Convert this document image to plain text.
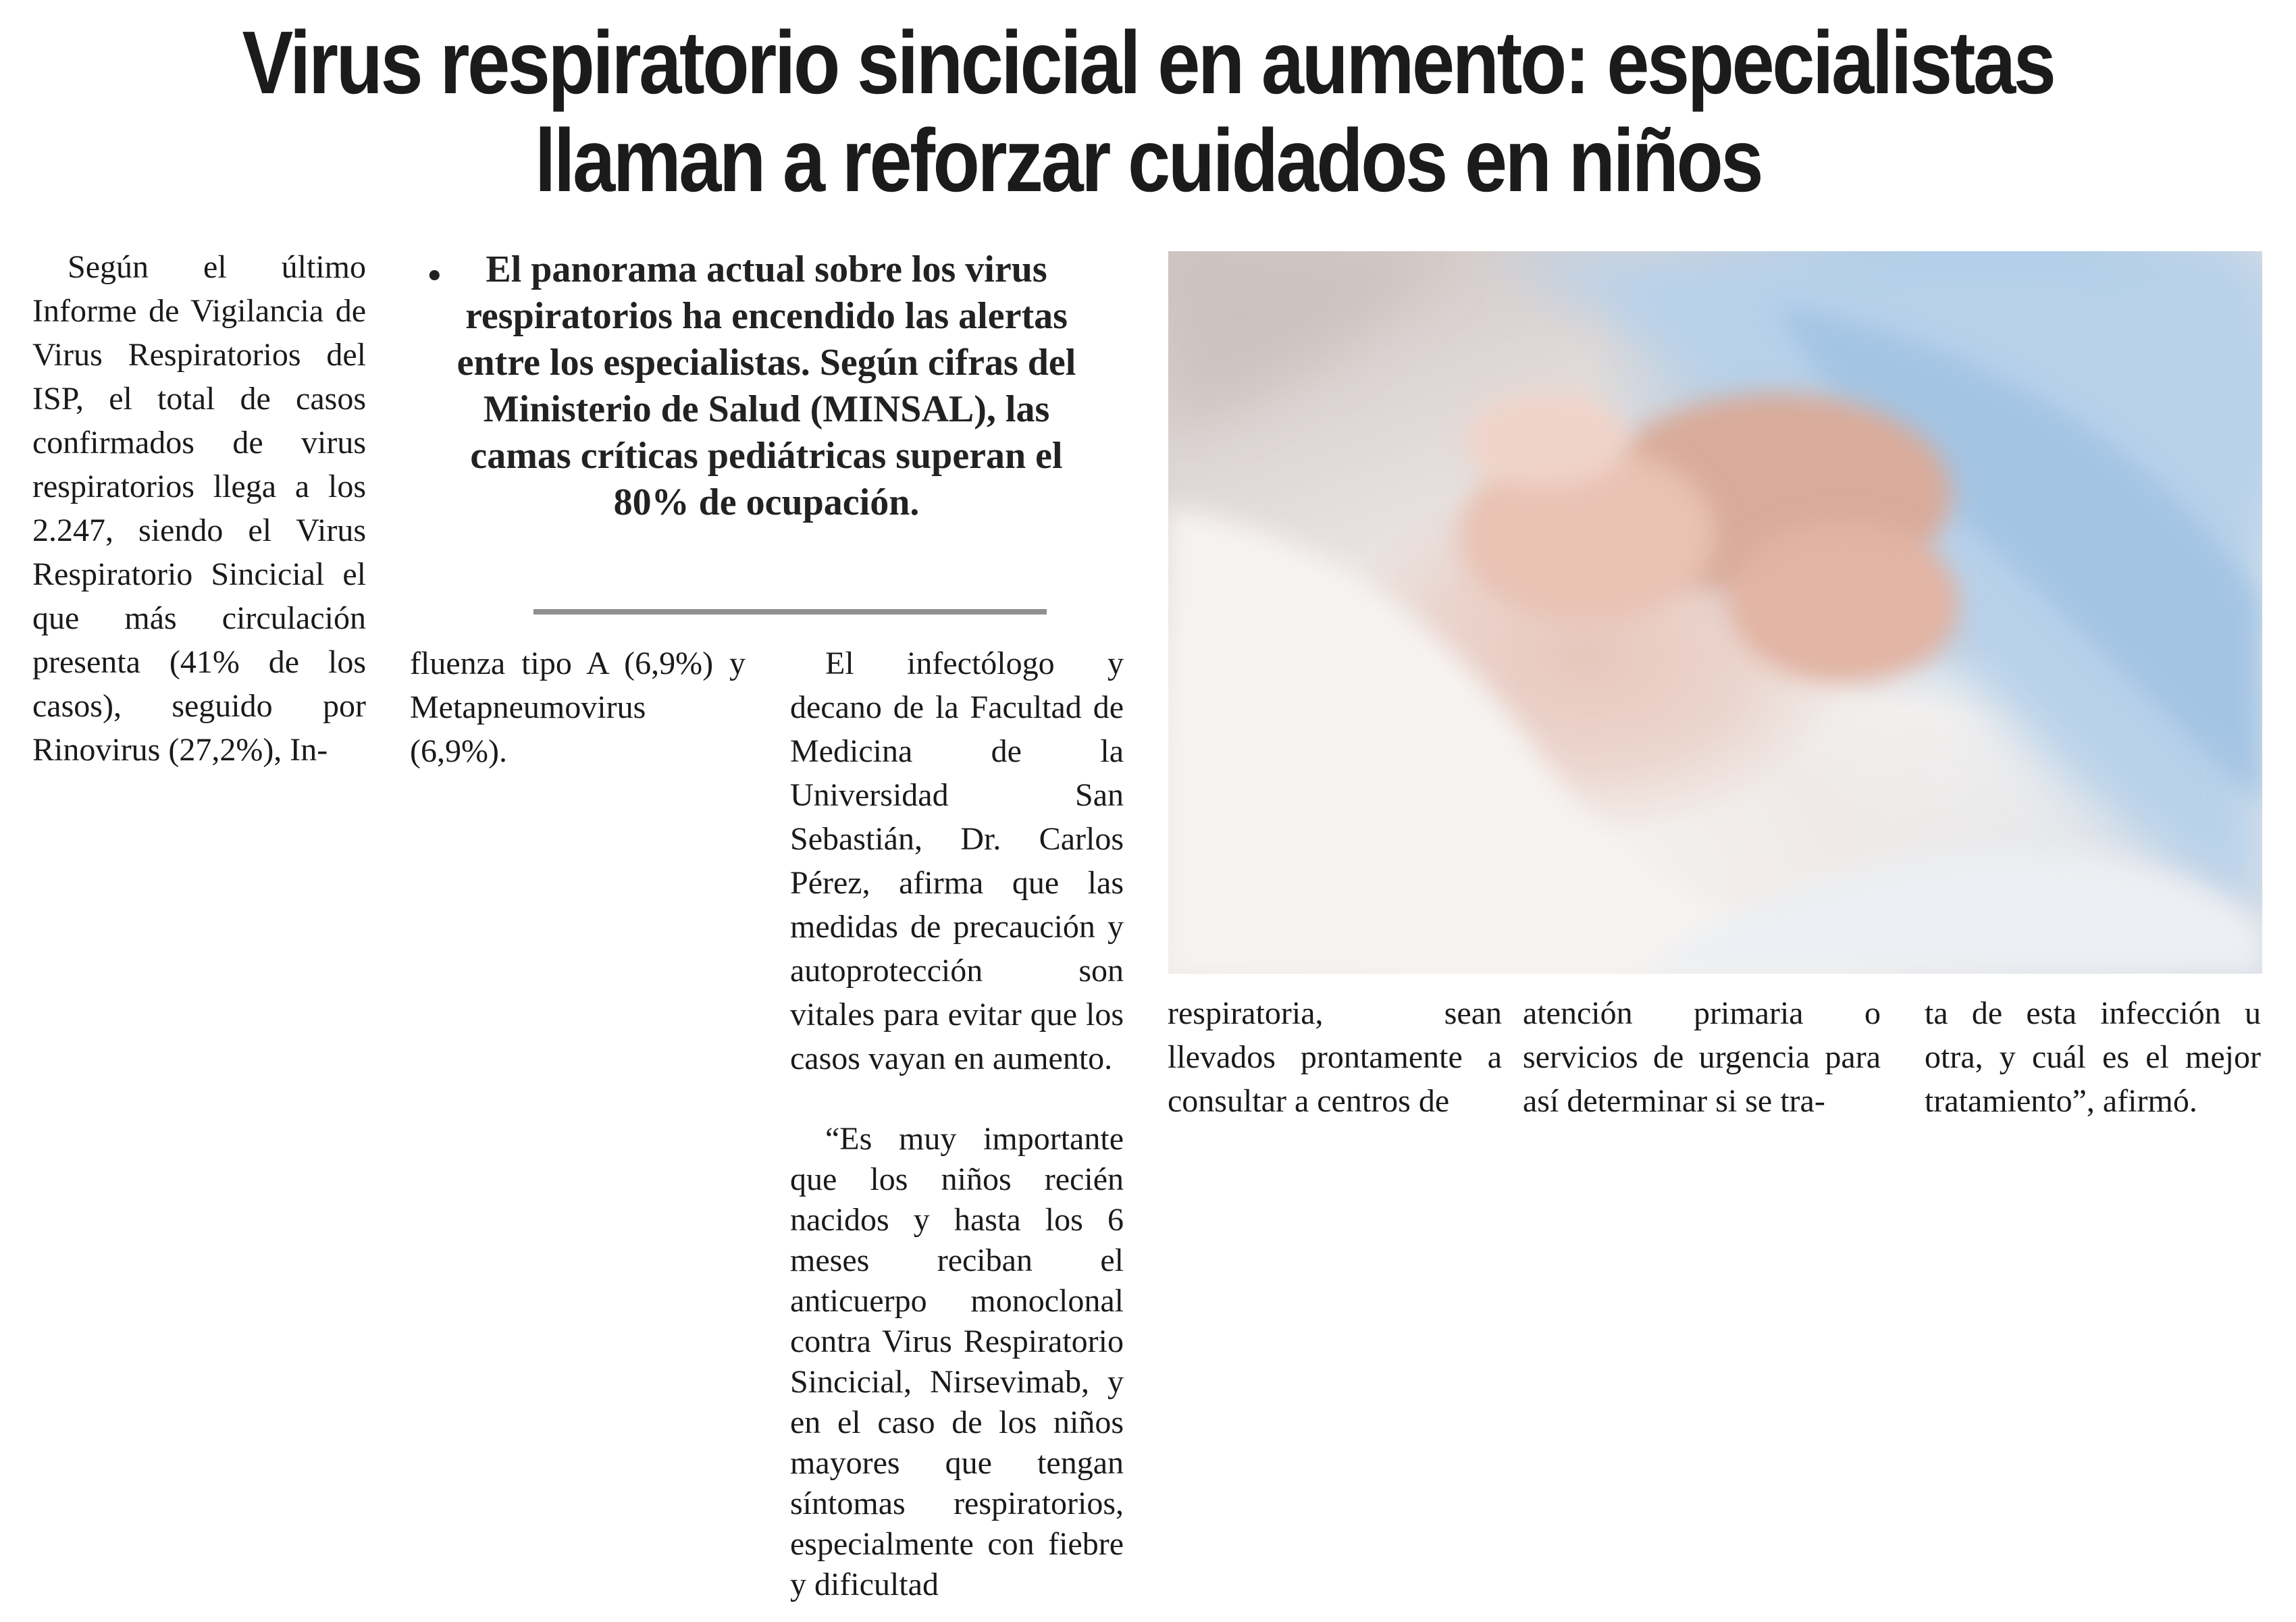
Virus respiratorio sincicial en aumento: especialistas
llaman a reforzar cuidados en niños

Según el último Informe de Vigilancia de Virus Respiratorios del ISP, el total de casos confirmados de virus respiratorios llega a los 2.247, siendo el Virus Respiratorio Sincicial el que más circulación presenta (41% de los casos), seguido por Rinovirus (27,2%), In-

•	El panorama actual sobre los virus respiratorios ha encendido las alertas entre los especialistas. Según cifras del Ministerio de Salud (MINSAL), las camas críticas pediátricas superan el 80% de ocupación.

fluenza tipo A (6,9%) y Metapneumovirus (6,9%).

El infectólogo y decano de la Facultad de Medicina de la Universidad San Sebastián, Dr. Carlos Pérez, afirma que las medidas de precaución y autoprotección son vitales para evitar que los casos vayan en aumento.

“Es muy importante que los niños recién nacidos y hasta los 6 meses reciban el anticuerpo monoclonal contra Virus Respiratorio Sincicial, Nirsevimab, y en el caso de los niños mayores que tengan síntomas respiratorios, especialmente con fiebre y dificultad

respiratoria, sean llevados prontamente a consultar a centros de

atención primaria o servicios de urgencia para así determinar si se tra-

ta de esta infección u otra, y cuál es el mejor tratamiento”, afirmó.
